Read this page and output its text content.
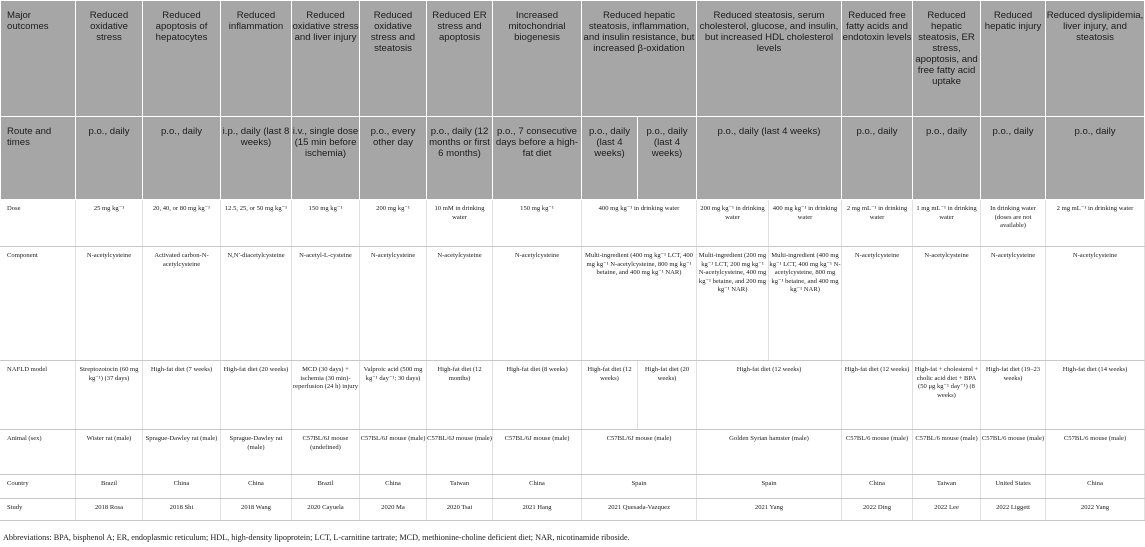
Major outcomes	Reduced oxidative stress	Reduced apoptosis of hepatocytes	Reduced inflammation	Reduced oxidative stress and liver injury	Reduced oxidative stress and steatosis	Reduced ER stress and apoptosis	Increased mitochondrial biogenesis	Reduced hepatic steatosis, inflammation, and insulin resistance, but increased β-oxidation		Reduced steatosis, serum cholesterol, glucose, and insulin, but increased HDL cholesterol levels		Reduced free fatty acids and endotoxin levels	Reduced hepatic steatosis, ER stress, apoptosis, and free fatty acid uptake	Reduced hepatic injury	Reduced dyslipidemia, liver injury, and steatosis
Route and times	p.o., daily	p.o., daily	i.p., daily (last 8 weeks)	i.v., single dose (15 min before ischemia)	p.o., every other day	p.o., daily (12 months or first 6 months)	p.o., 7 consecutive days before a high-fat diet	p.o., daily (last 4 weeks)	p.o., daily (last 4 weeks)	p.o., daily (last 4 weeks)		p.o., daily	p.o., daily	p.o., daily	p.o., daily
Dose	25 mg kg⁻¹	20, 40, or 80 mg kg⁻¹	12.5, 25, or 50 mg kg⁻¹	150 mg kg⁻¹	200 mg kg⁻¹	10 mM in drinking water	150 mg kg⁻¹	400 mg kg⁻¹ in drinking water		200 mg kg⁻¹ in drinking water	400 mg kg⁻¹ in drinking water	2 mg mL⁻¹ in drinking water	1 mg mL⁻¹ in drinking water	In drinking water (doses are not available)	2 mg mL⁻¹ in drinking water
Component	N-acetylcysteine	Activated carbon-N-acetylcysteine	N,N′-diacetylcysteine	N-acetyl-L-cysteine	N-acetylcysteine	N-acetylcysteine	N-acetylcysteine	Multi-ingredient (400 mg kg⁻¹ LCT, 400 mg kg⁻¹ N-acetylcysteine, 800 mg kg⁻¹ betaine, and 400 mg kg⁻¹ NAR)		Multi-ingredient (200 mg kg⁻¹ LCT, 200 mg kg⁻¹ N-acetylcysteine, 400 mg kg⁻¹ betaine, and 200 mg kg⁻¹ NAR)	Multi-ingredient (400 mg kg⁻¹ LCT, 400 mg kg⁻¹ N-acetylcysteine, 800 mg kg⁻¹ betaine, and 400 mg kg⁻¹ NAR)	N-acetylcysteine	N-acetylcysteine	N-acetylcysteine	N-acetylcysteine
NAFLD model	Streptozotocin (60 mg kg⁻¹) (37 days)	High-fat diet (7 weeks)	High-fat diet (20 weeks)	MCD (30 days) + ischemia (30 min)-reperfusion (24 h) injury	Valproic acid (500 mg kg⁻¹ day⁻¹; 30 days)	High-fat diet (12 months)	High-fat diet (8 weeks)	High-fat diet (12 weeks)	High-fat diet (20 weeks)	High-fat diet (12 weeks)		High-fat diet (12 weeks)	High-fat + cholesterol + cholic acid diet + BPA (50 μg kg⁻¹ day⁻¹) (8 weeks)	High-fat diet (19–23 weeks)	High-fat diet (14 weeks)
Animal (sex)	Wister rat (male)	Sprague-Dawley rat (male)	Sprague-Dawley rat (male)	C57BL/6J mouse (undefined)	C57BL/6J mouse (male)	C57BL/6J mouse (male)	C57BL/6J mouse (male)	C57BL/6J mouse (male)		Golden Syrian hamster (male)		C57BL/6 mouse (male)	C57BL/6 mouse (male)	C57BL/6 mouse (male)	C57BL/6 mouse (male)
Country	Brazil	China	China	Brazil	China	Taiwan	China	Spain		Spain		China	Taiwan	United States	China
Study	2018 Rosa	2018 Shi	2018 Wang	2020 Cayuela	2020 Ma	2020 Tsai	2021 Hang	2021 Quesada-Vazquez		2021 Yang		2022 Ding	2022 Lee	2022 Liggett	2022 Yang
Abbreviations: BPA, bisphenol A; ER, endoplasmic reticulum; HDL, high-density lipoprotein; LCT, L-carnitine tartrate; MCD, methionine-choline deficient diet; NAR, nicotinamide riboside.
